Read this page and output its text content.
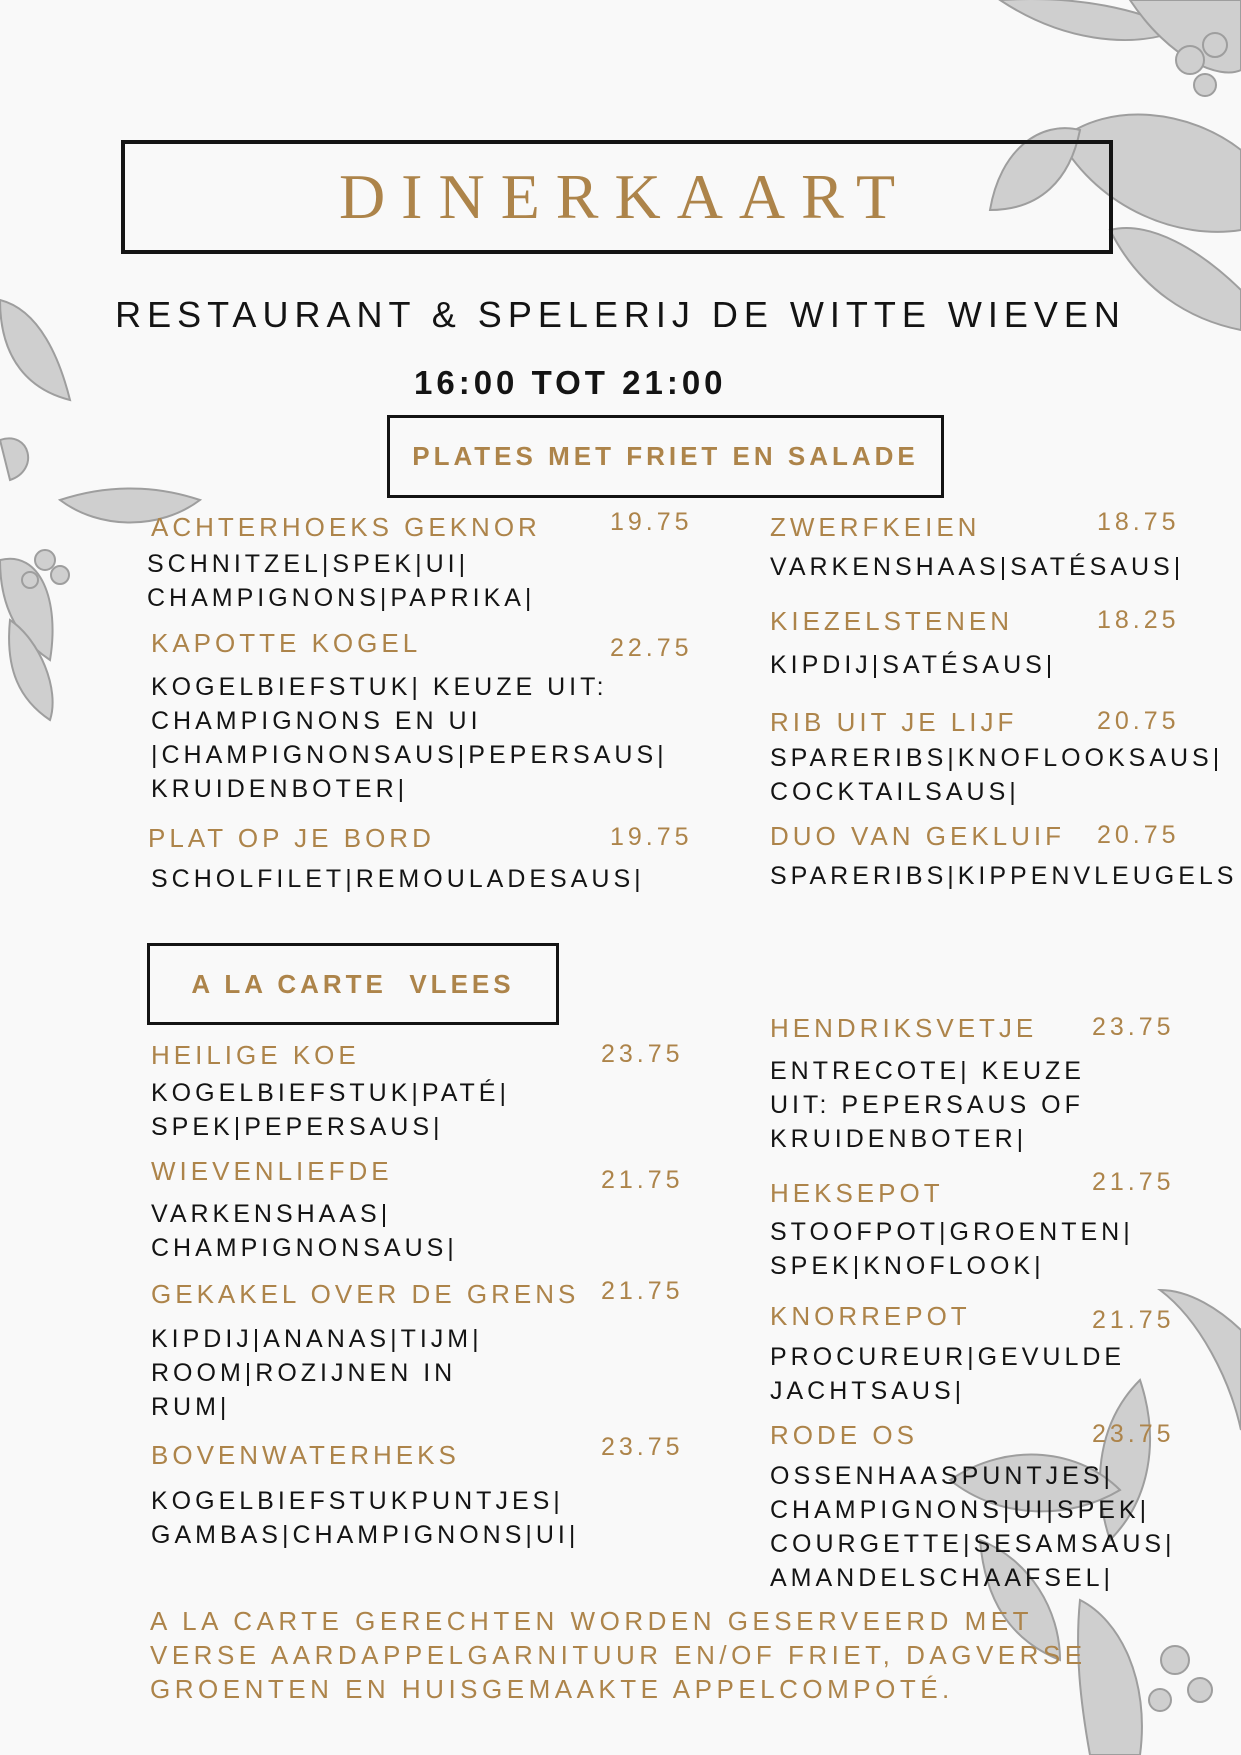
DINERKAART
RESTAURANT & SPELERIJ DE WITTE WIEVEN
16:00 TOT 21:00
PLATES MET FRIET EN SALADE
ACHTERHOEKS GEKNOR	19.75
SCHNITZEL|SPEK|UI|
CHAMPIGNONS|PAPRIKA|
KAPOTTE KOGEL	22.75
KOGELBIEFSTUK| KEUZE UIT:
CHAMPIGNONS EN UI
|CHAMPIGNONSAUS|PEPERSAUS|
KRUIDENBOTER|
PLAT OP JE BORD	19.75
SCHOLFILET|REMOULADESAUS|
ZWERFKEIEN	18.75
VARKENSHAAS|SATÉSAUS|
KIEZELSTENEN	18.25
KIPDIJ|SATÉSAUS|
RIB UIT JE LIJF	20.75
SPARERIBS|KNOFLOOKSAUS|
COCKTAILSAUS|
DUO VAN GEKLUIF 20.75
SPARERIBS|KIPPENVLEUGELS
A LA CARTE  VLEES
HEILIGE KOE	23.75
KOGELBIEFSTUK|PATÉ|
SPEK|PEPERSAUS|
WIEVENLIEFDE	21.75
VARKENSHAAS|
CHAMPIGNONSAUS|
GEKAKEL OVER DE GRENS 21.75
KIPDIJ|ANANAS|TIJM|
ROOM|ROZIJNEN IN
RUM|
BOVENWATERHEKS	23.75
KOGELBIEFSTUKPUNTJES|
GAMBAS|CHAMPIGNONS|UI|
HENDRIKSVETJE 23.75
ENTRECOTE| KEUZE
UIT: PEPERSAUS OF
KRUIDENBOTER|
HEKSEPOT	21.75
STOOFPOT|GROENTEN|
SPEK|KNOFLOOK|
KNORREPOT	21.75
PROCUREUR|GEVULDE
JACHTSAUS|
RODE OS	23.75
OSSENHAASPUNTJES|
CHAMPIGNONS|UI|SPEK|
COURGETTE|SESAMSAUS|
AMANDELSCHAAFSEL|
A LA CARTE GERECHTEN WORDEN GESERVEERD MET VERSE AARDAPPELGARNITUUR EN/OF FRIET, DAGVERSE GROENTEN EN HUISGEMAAKTE APPELCOMPOTÉ.
